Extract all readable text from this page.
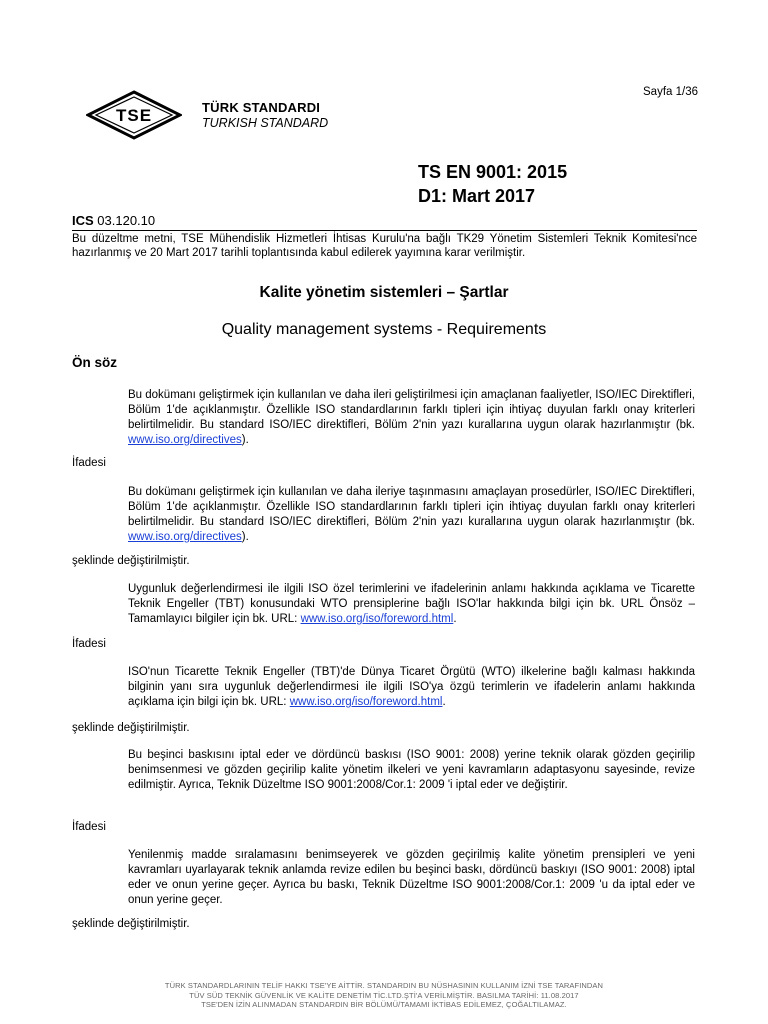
Sayfa 1/36
TSE	TÜRK STANDARDI
TURKISH STANDARD
TS EN 9001: 2015
D1: Mart 2017
ICS 03.120.10
Bu düzeltme metni, TSE Mühendislik Hizmetleri İhtisas Kurulu'na bağlı TK29 Yönetim Sistemleri Teknik Komitesi'nce hazırlanmış ve 20 Mart 2017 tarihli toplantısında kabul edilerek yayımına karar verilmiştir.
Kalite yönetim sistemleri – Şartlar
Quality management systems - Requirements
Ön söz
Bu dokümanı geliştirmek için kullanılan ve daha ileri geliştirilmesi için amaçlanan faaliyetler, ISO/IEC Direktifleri, Bölüm 1'de açıklanmıştır. Özellikle ISO standardlarının farklı tipleri için ihtiyaç duyulan farklı onay kriterleri belirtilmelidir. Bu standard ISO/IEC direktifleri, Bölüm 2'nin yazı kurallarına uygun olarak hazırlanmıştır (bk. www.iso.org/directives).
İfadesi
Bu dokümanı geliştirmek için kullanılan ve daha ileriye taşınmasını amaçlayan prosedürler, ISO/IEC Direktifleri, Bölüm 1'de açıklanmıştır. Özellikle ISO standardlarının farklı tipleri için ihtiyaç duyulan farklı onay kriterleri belirtilmelidir. Bu standard ISO/IEC direktifleri, Bölüm 2'nin yazı kurallarına uygun olarak hazırlanmıştır (bk. www.iso.org/directives).
şeklinde değiştirilmiştir.
Uygunluk değerlendirmesi ile ilgili ISO özel terimlerini ve ifadelerinin anlamı hakkında açıklama ve Ticarette Teknik Engeller (TBT) konusundaki WTO prensiplerine bağlı ISO'lar hakkında bilgi için bk. URL Önsöz – Tamamlayıcı bilgiler için bk. URL: www.iso.org/iso/foreword.html.
İfadesi
ISO'nun Ticarette Teknik Engeller (TBT)'de Dünya Ticaret Örgütü (WTO) ilkelerine bağlı kalması hakkında bilginin yanı sıra uygunluk değerlendirmesi ile ilgili ISO'ya özgü terimlerin ve ifadelerin anlamı hakkında açıklama için bilgi için bk. URL: www.iso.org/iso/foreword.html.
şeklinde değiştirilmiştir.
Bu beşinci baskısını iptal eder ve dördüncü baskısı (ISO 9001: 2008) yerine teknik olarak gözden geçirilip benimsenmesi ve gözden geçirilip kalite yönetim ilkeleri ve yeni kavramların adaptasyonu sayesinde, revize edilmiştir. Ayrıca, Teknik Düzeltme ISO 9001:2008/Cor.1: 2009 'i iptal eder ve değiştirir.
İfadesi
Yenilenmiş madde sıralamasını benimseyerek ve gözden geçirilmiş kalite yönetim prensipleri ve yeni kavramları uyarlayarak teknik anlamda revize edilen bu beşinci baskı, dördüncü baskıyı (ISO 9001: 2008) iptal eder ve onun yerine geçer. Ayrıca bu baskı, Teknik Düzeltme ISO 9001:2008/Cor.1: 2009 'u da iptal eder ve onun yerine geçer.
şeklinde değiştirilmiştir.
TÜRK STANDARDLARININ TELİF HAKKI TSE'YE AİTTİR. STANDARDIN BU NÜSHASININ KULLANIM İZNİ TSE TARAFINDAN
TÜV SÜD TEKNİK GÜVENLİK VE KALİTE DENETİM TİC.LTD.ŞTİ'A VERİLMİŞTİR. BASILMA TARİHİ: 11.08.2017
TSE'DEN İZİN ALINMADAN STANDARDIN BİR BÖLÜMÜ/TAMAMI İKTİBAS EDİLEMEZ, ÇOĞALTILAMAZ.
